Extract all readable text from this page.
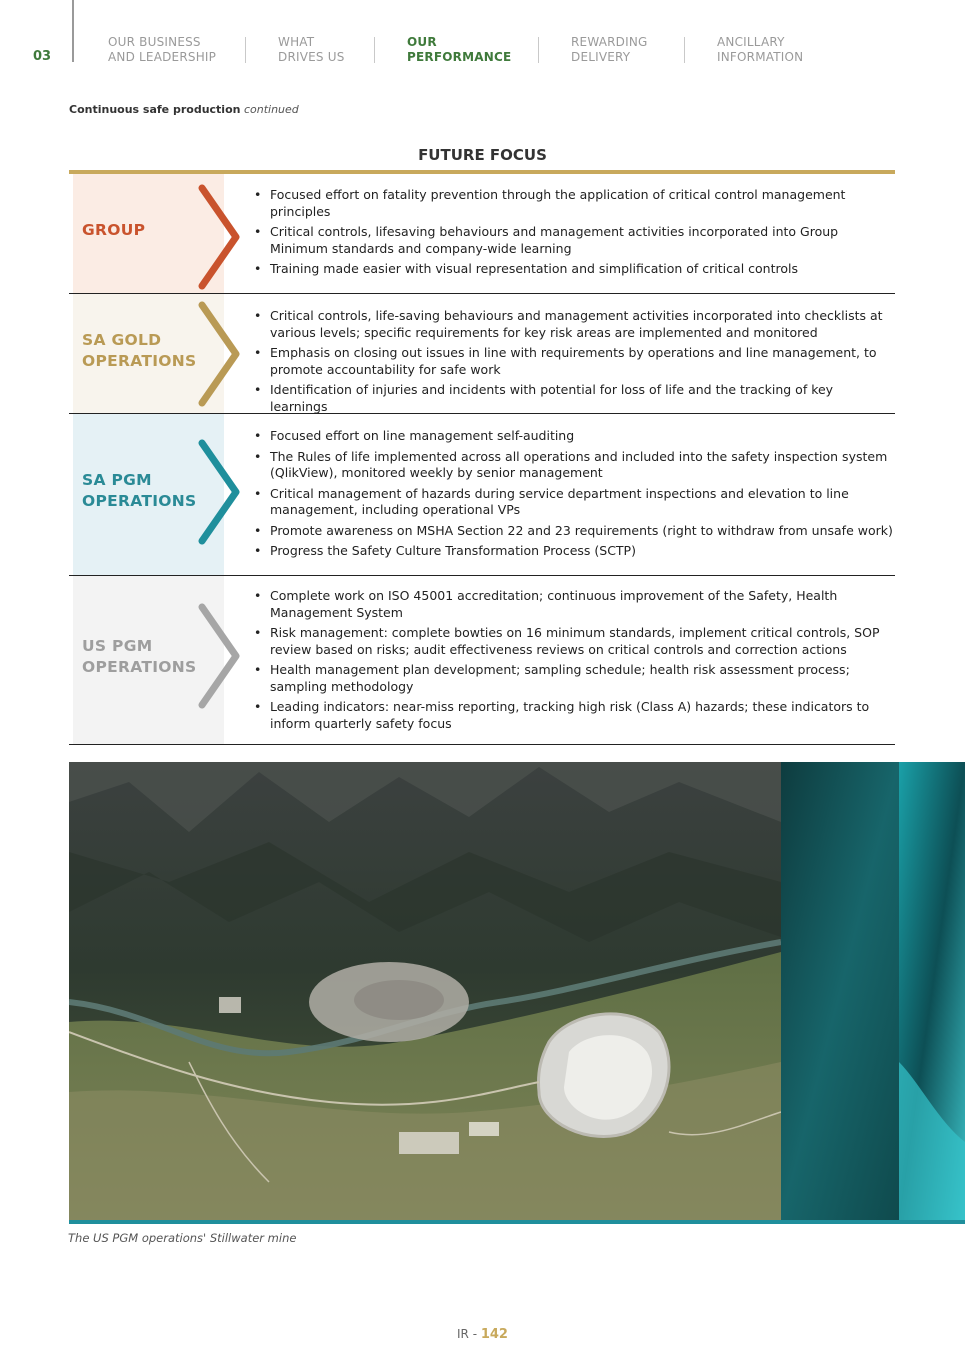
03
OUR BUSINESS
AND LEADERSHIP
WHAT
DRIVES US
OUR
PERFORMANCE
REWARDING
DELIVERY
ANCILLARY
INFORMATION
Continuous safe production continued
FUTURE FOCUS
GROUP
• Focused effort on fatality prevention through the application of critical control management principles
• Critical controls, lifesaving behaviours and management activities incorporated into Group Minimum standards and company-wide learning
• Training made easier with visual representation and simplification of critical controls
SA GOLD
OPERATIONS
• Critical controls, life-saving behaviours and management activities incorporated into checklists at various levels; specific requirements for key risk areas are implemented and monitored
• Emphasis on closing out issues in line with requirements by operations and line management, to promote accountability for safe work
• Identification of injuries and incidents with potential for loss of life and the tracking of key learnings
SA PGM
OPERATIONS
• Focused effort on line management self-auditing
• The Rules of life implemented across all operations and included into the safety inspection system (QlikView), monitored weekly by senior management
• Critical management of hazards during service department inspections and elevation to line management, including operational VPs
• Promote awareness on MSHA Section 22 and 23 requirements (right to withdraw from unsafe work)
• Progress the Safety Culture Transformation Process (SCTP)
US PGM
OPERATIONS
• Complete work on ISO 45001 accreditation; continuous improvement of the Safety, Health Management System
• Risk management: complete bowties on 16 minimum standards, implement critical controls, SOP review based on risks; audit effectiveness reviews on critical controls and correction actions
• Health management plan development; sampling schedule; health risk assessment process; sampling methodology
• Leading indicators: near-miss reporting, tracking high risk (Class A) hazards; these indicators to inform quarterly safety focus
The US PGM operations' Stillwater mine
IR - 142
